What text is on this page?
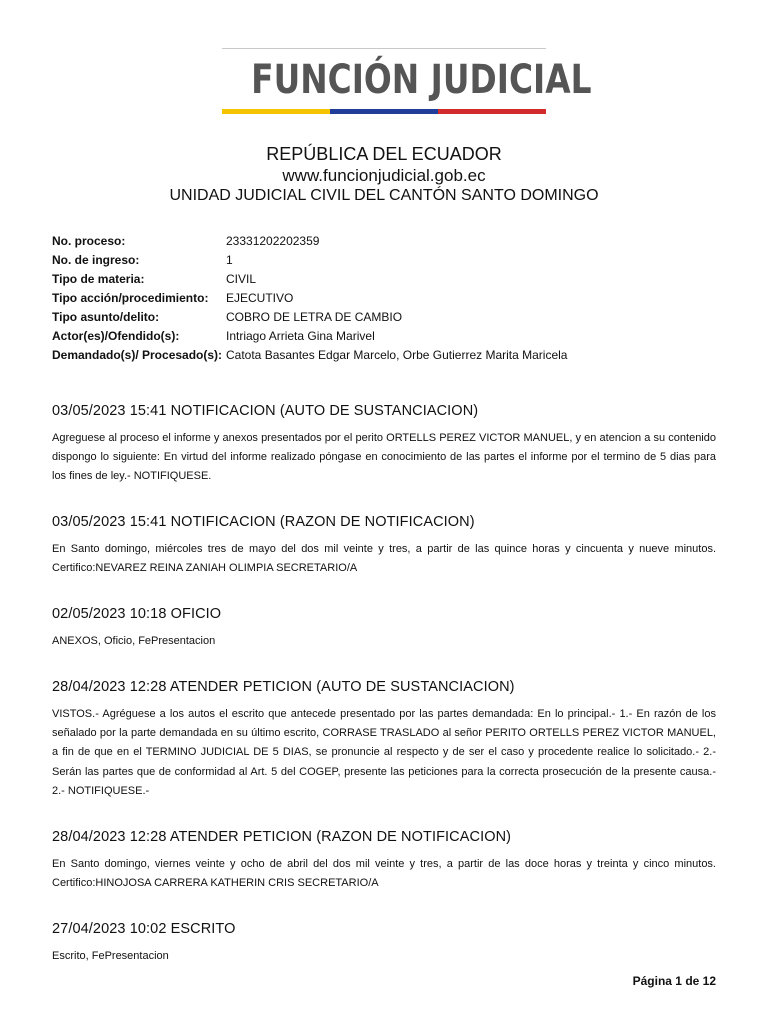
FUNCIÓN JUDICIAL
REPÚBLICA DEL ECUADOR
www.funcionjudicial.gob.ec
UNIDAD JUDICIAL CIVIL DEL CANTÓN SANTO DOMINGO
No. proceso:	23331202202359
No. de ingreso:	1
Tipo de materia:	CIVIL
Tipo acción/procedimiento:	EJECUTIVO
Tipo asunto/delito:	COBRO DE LETRA DE CAMBIO
Actor(es)/Ofendido(s):	Intriago Arrieta Gina Marivel
Demandado(s)/ Procesado(s): Catota Basantes Edgar Marcelo, Orbe Gutierrez Marita Maricela
03/05/2023 15:41 NOTIFICACION (AUTO DE SUSTANCIACION)

Agreguese al proceso el informe y anexos presentados por el perito ORTELLS PEREZ VICTOR MANUEL, y en atencion a su contenido dispongo lo siguiente: En virtud del informe realizado póngase en conocimiento de las partes el informe por el termino de 5 dias para los fines de ley.- NOTIFIQUESE.

03/05/2023 15:41 NOTIFICACION (RAZON DE NOTIFICACION)

En Santo domingo, miércoles tres de mayo del dos mil veinte y tres, a partir de las quince horas y cincuenta y nueve minutos. Certifico:NEVAREZ REINA ZANIAH OLIMPIA SECRETARIO/A

02/05/2023 10:18 OFICIO

ANEXOS, Oficio, FePresentacion

28/04/2023 12:28 ATENDER PETICION (AUTO DE SUSTANCIACION)

VISTOS.- Agréguese a los autos el escrito que antecede presentado por las partes demandada: En lo principal.- 1.- En razón de los señalado por la parte demandada en su último escrito, CORRASE TRASLADO al señor PERITO ORTELLS PEREZ VICTOR MANUEL, a fin de que en el TERMINO JUDICIAL DE 5 DIAS, se pronuncie al respecto y de ser el caso y procedente realice lo solicitado.- 2.-Serán las partes que de conformidad al Art. 5 del COGEP, presente las peticiones para la correcta prosecución de la presente causa.- 2.- NOTIFIQUESE.-

28/04/2023 12:28 ATENDER PETICION (RAZON DE NOTIFICACION)

En Santo domingo, viernes veinte y ocho de abril del dos mil veinte y tres, a partir de las doce horas y treinta y cinco minutos. Certifico:HINOJOSA CARRERA KATHERIN CRIS SECRETARIO/A

27/04/2023 10:02 ESCRITO

Escrito, FePresentacion

Página 1 de 12
